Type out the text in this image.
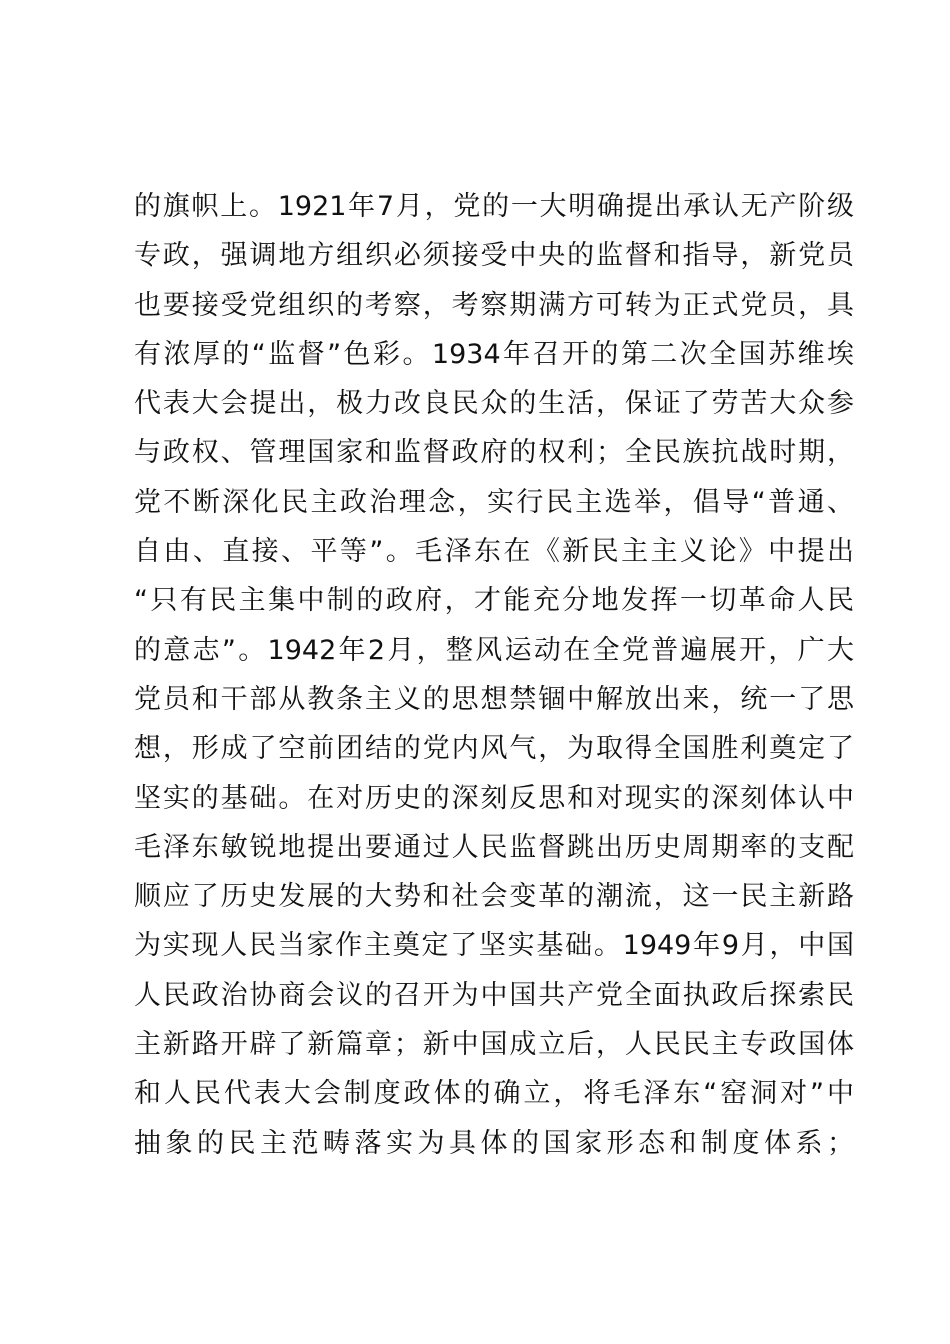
的旗帜上。1921年7月，党的一大明确提出承认无产阶级
专政，强调地方组织必须接受中央的监督和指导，新党员
也要接受党组织的考察，考察期满方可转为正式党员，具
有浓厚的“监督”色彩。1934年召开的第二次全国苏维埃
代表大会提出，极力改良民众的生活，保证了劳苦大众参
与政权、管理国家和监督政府的权利；全民族抗战时期，
党不断深化民主政治理念，实行民主选举，倡导“普通、
自由、直接、平等”。毛泽东在《新民主主义论》中提出
“只有民主集中制的政府，才能充分地发挥一切革命人民
的意志”。1942年2月，整风运动在全党普遍展开，广大
党员和干部从教条主义的思想禁锢中解放出来，统一了思
想，形成了空前团结的党内风气，为取得全国胜利奠定了
坚实的基础。在对历史的深刻反思和对现实的深刻体认中
毛泽东敏锐地提出要通过人民监督跳出历史周期率的支配
顺应了历史发展的大势和社会变革的潮流，这一民主新路
为实现人民当家作主奠定了坚实基础。1949年9月，中国
人民政治协商会议的召开为中国共产党全面执政后探索民
主新路开辟了新篇章；新中国成立后，人民民主专政国体
和人民代表大会制度政体的确立，将毛泽东“窑洞对”中
抽象的民主范畴落实为具体的国家形态和制度体系；
